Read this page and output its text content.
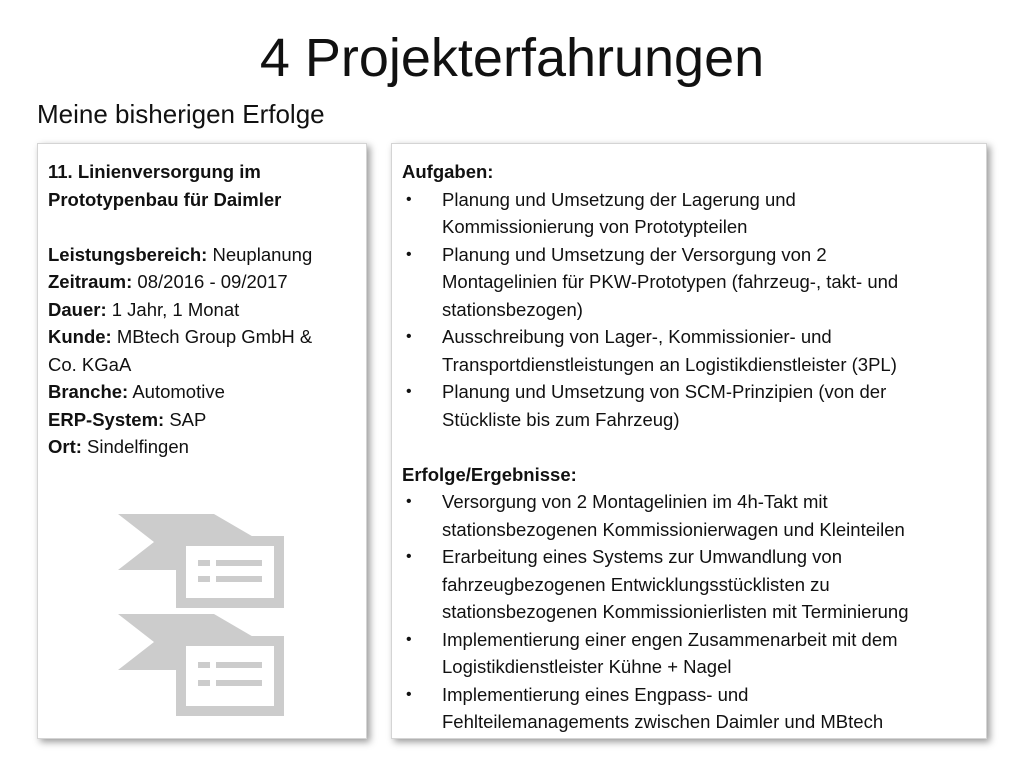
4 Projekterfahrungen
Meine bisherigen Erfolge
11. Linienversorgung im
Prototypenbau für Daimler
Leistungsbereich: Neuplanung
Zeitraum: 08/2016 - 09/2017
Dauer: 1 Jahr, 1 Monat
Kunde: MBtech Group GmbH &
Co. KGaA
Branche: Automotive
ERP-System: SAP
Ort: Sindelfingen
Aufgaben:
• Planung und Umsetzung der Lagerung und
Kommissionierung von Prototypteilen
• Planung und Umsetzung der Versorgung von 2
Montagelinien für PKW-Prototypen (fahrzeug-, takt- und
stationsbezogen)
• Ausschreibung von Lager-, Kommissionier- und
Transportdienstleistungen an Logistikdienstleister (3PL)
• Planung und Umsetzung von SCM-Prinzipien (von der
Stückliste bis zum Fahrzeug)
Erfolge/Ergebnisse:
• Versorgung von 2 Montagelinien im 4h-Takt mit
stationsbezogenen Kommissionierwagen und Kleinteilen
• Erarbeitung eines Systems zur Umwandlung von
fahrzeugbezogenen Entwicklungsstücklisten zu
stationsbezogenen Kommissionierlisten mit Terminierung
• Implementierung einer engen Zusammenarbeit mit dem
Logistikdienstleister Kühne + Nagel
• Implementierung eines Engpass- und
Fehlteilemanagements zwischen Daimler und MBtech
